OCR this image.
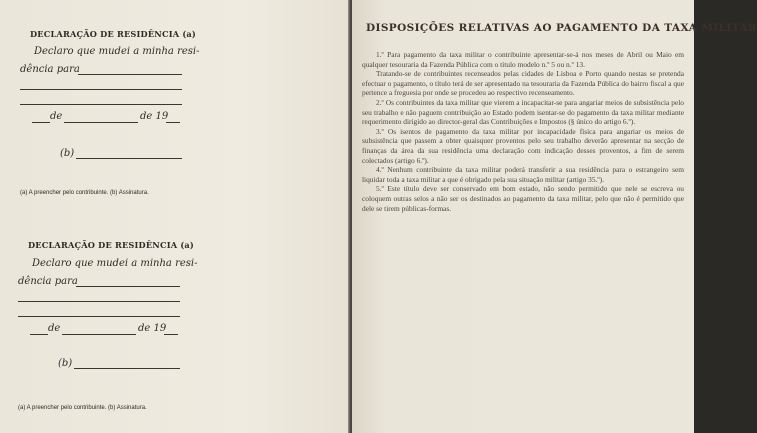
DECLARAÇÃO DE RESIDÊNCIA (a)
Declaro que mudei a minha resi-
dência para
de	de 19
(b)
(a) A preencher pelo contribuinte. (b) Assinatura.
DECLARAÇÃO DE RESIDÊNCIA (a)
Declaro que mudei a minha resi-
dência para
de	de 19
(b)
(a) A preencher pelo contribuinte. (b) Assinatura.
DISPOSIÇÕES RELATIVAS AO PAGAMENTO DA TAXA MILITAR

1.º Para pagamento da taxa militar o contribuinte apresentar-se-á nos meses de Abril ou Maio em qualquer tesouraria da Fazenda Pública com o título modelo n.º 5 ou n.º 13.

Tratando-se de contribuintes recenseados pelas cidades de Lisboa e Porto quando nestas se pretenda efectuar o pagamento, o título terá de ser apresentado na tesouraria da Fazenda Pública do bairro fiscal a que pertence a freguesia por onde se procedeu ao respectivo recenseamento.

2.º Os contribuintes da taxa militar que vierem a incapacitar-se para angariar meios de subsistência pelo seu trabalho e não paguem contribuição ao Estado podem isentar-se do pagamento da taxa militar mediante requerimento dirigido ao director-geral das Contribuições e Impostos (§ único do artigo 6.º).

3.º Os isentos de pagamento da taxa militar por incapacidade física para angariar os meios de subsistência que passem a obter quaisquer proventos pelo seu trabalho deverão apresentar na secção de finanças da área da sua residência uma declaração com indicação desses proventos, a fim de serem colectados (artigo 6.º).

4.º Nenhum contribuinte da taxa militar poderá transferir a sua residência para o estrangeiro sem liquidar toda a taxa militar a que é obrigado pela sua situação militar (artigo 35.º).

5.º Este título deve ser conservado em bom estado, não sendo permitido que nele se escreva ou coloquem outras selos a não ser os destinados ao pagamento da taxa militar, pelo que não é permitido que dele se tirem públicas-formas.
